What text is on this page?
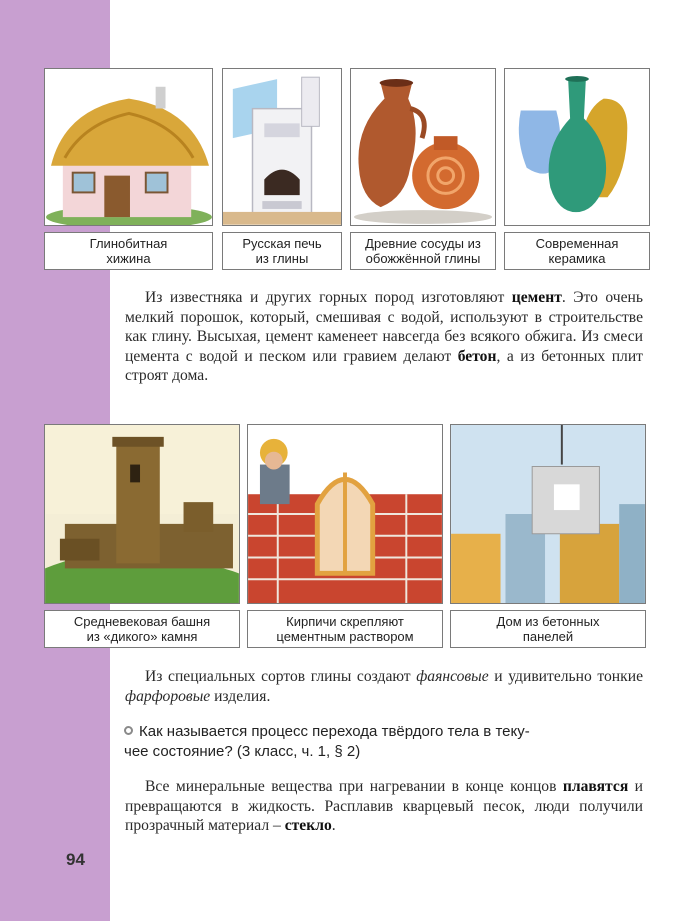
94
Глинобитная
хижина
Русская печь
из глины
Древние сосуды из
обожжённой глины
Современная
керамика
Из известняка и других горных пород изготовляют цемент. Это очень мелкий порошок, который, смешивая с водой, используют в строительстве как глину. Высыхая, цемент каменеет навсегда без всякого обжига. Из смеси цемента с водой и песком или гравием делают бетон, а из бетонных плит строят дома.
Средневековая башня
из «дикого» камня
Кирпичи скрепляют
цементным раствором
Дом из бетонных
панелей
Из специальных сортов глины создают фаянсовые и удивительно тонкие фарфоровые изделия.
Как называется процесс перехода твёрдого тела в теку-
чее состояние? (3 класс, ч. 1, § 2)
Все минеральные вещества при нагревании в конце концов плавятся и превращаются в жидкость. Расплавив кварцевый песок, люди получили прозрачный материал – стекло.
